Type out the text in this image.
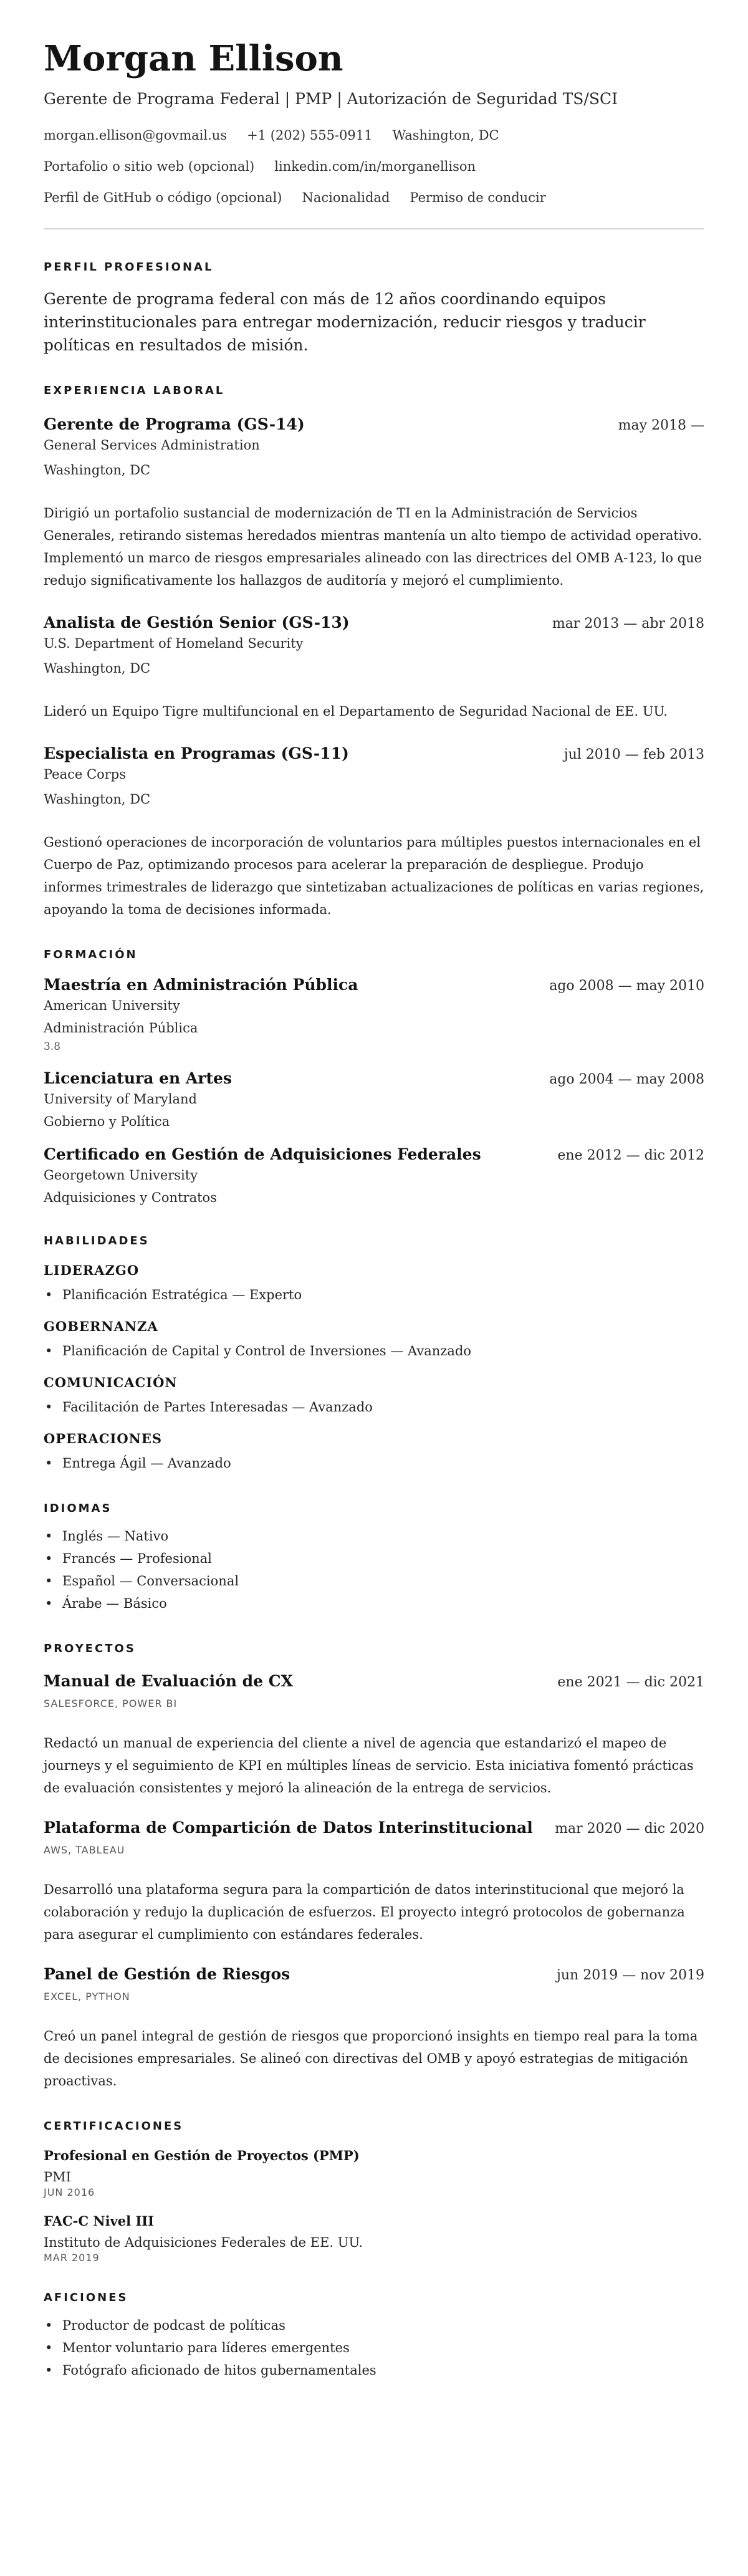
Morgan Ellison
Gerente de Programa Federal | PMP | Autorización de Seguridad TS/SCI
morgan.ellison@govmail.us +1 (202) 555-0911 Washington, DC
Portafolio o sitio web (opcional) linkedin.com/in/morganellison
Perfil de GitHub o código (opcional) Nacionalidad Permiso de conducir
PERFIL PROFESIONAL

Gerente de programa federal con más de 12 años coordinando equipos interinstitucionales para entregar modernización, reducir riesgos y traducir políticas en resultados de misión.

EXPERIENCIA LABORAL
Gerente de Programa (GS-14)	may 2018 —
General Services Administration
Washington, DC

Dirigió un portafolio sustancial de modernización de TI en la Administración de Servicios Generales, retirando sistemas heredados mientras mantenía un alto tiempo de actividad operativo. Implementó un marco de riesgos empresariales alineado con las directrices del OMB A-123, lo que redujo significativamente los hallazgos de auditoría y mejoró el cumplimiento.

Analista de Gestión Senior (GS-13)	mar 2013 — abr 2018
U.S. Department of Homeland Security
Washington, DC

Lideró un Equipo Tigre multifuncional en el Departamento de Seguridad Nacional de EE. UU.

Especialista en Programas (GS-11)	jul 2010 — feb 2013
Peace Corps
Washington, DC

Gestionó operaciones de incorporación de voluntarios para múltiples puestos internacionales en el Cuerpo de Paz, optimizando procesos para acelerar la preparación de despliegue. Produjo informes trimestrales de liderazgo que sintetizaban actualizaciones de políticas en varias regiones, apoyando la toma de decisiones informada.

FORMACIÓN
Maestría en Administración Pública	ago 2008 — may 2010
American University
Administración Pública
3.8
Licenciatura en Artes	ago 2004 — may 2008
University of Maryland
Gobierno y Política
Certificado en Gestión de Adquisiciones Federales	ene 2012 — dic 2012
Georgetown University
Adquisiciones y Contratos
HABILIDADES
LIDERAZGO
• Planificación Estratégica — Experto
GOBERNANZA
• Planificación de Capital y Control de Inversiones — Avanzado
COMUNICACIÓN
• Facilitación de Partes Interesadas — Avanzado
OPERACIONES
• Entrega Ágil — Avanzado
IDIOMAS
• Inglés — Nativo
• Francés — Profesional
• Español — Conversacional
• Árabe — Básico
PROYECTOS
Manual de Evaluación de CX	ene 2021 — dic 2021
SALESFORCE, POWER BI

Redactó un manual de experiencia del cliente a nivel de agencia que estandarizó el mapeo de journeys y el seguimiento de KPI en múltiples líneas de servicio. Esta iniciativa fomentó prácticas de evaluación consistentes y mejoró la alineación de la entrega de servicios.

Plataforma de Compartición de Datos Interinstitucional mar 2020 — dic 2020
AWS, TABLEAU

Desarrolló una plataforma segura para la compartición de datos interinstitucional que mejoró la colaboración y redujo la duplicación de esfuerzos. El proyecto integró protocolos de gobernanza para asegurar el cumplimiento con estándares federales.

Panel de Gestión de Riesgos	jun 2019 — nov 2019
EXCEL, PYTHON

Creó un panel integral de gestión de riesgos que proporcionó insights en tiempo real para la toma de decisiones empresariales. Se alineó con directivas del OMB y apoyó estrategias de mitigación proactivas.

CERTIFICACIONES
Profesional en Gestión de Proyectos (PMP)
PMI
JUN 2016
FAC-C Nivel III
Instituto de Adquisiciones Federales de EE. UU.
MAR 2019
AFICIONES
• Productor de podcast de políticas
• Mentor voluntario para líderes emergentes
• Fotógrafo aficionado de hitos gubernamentales
